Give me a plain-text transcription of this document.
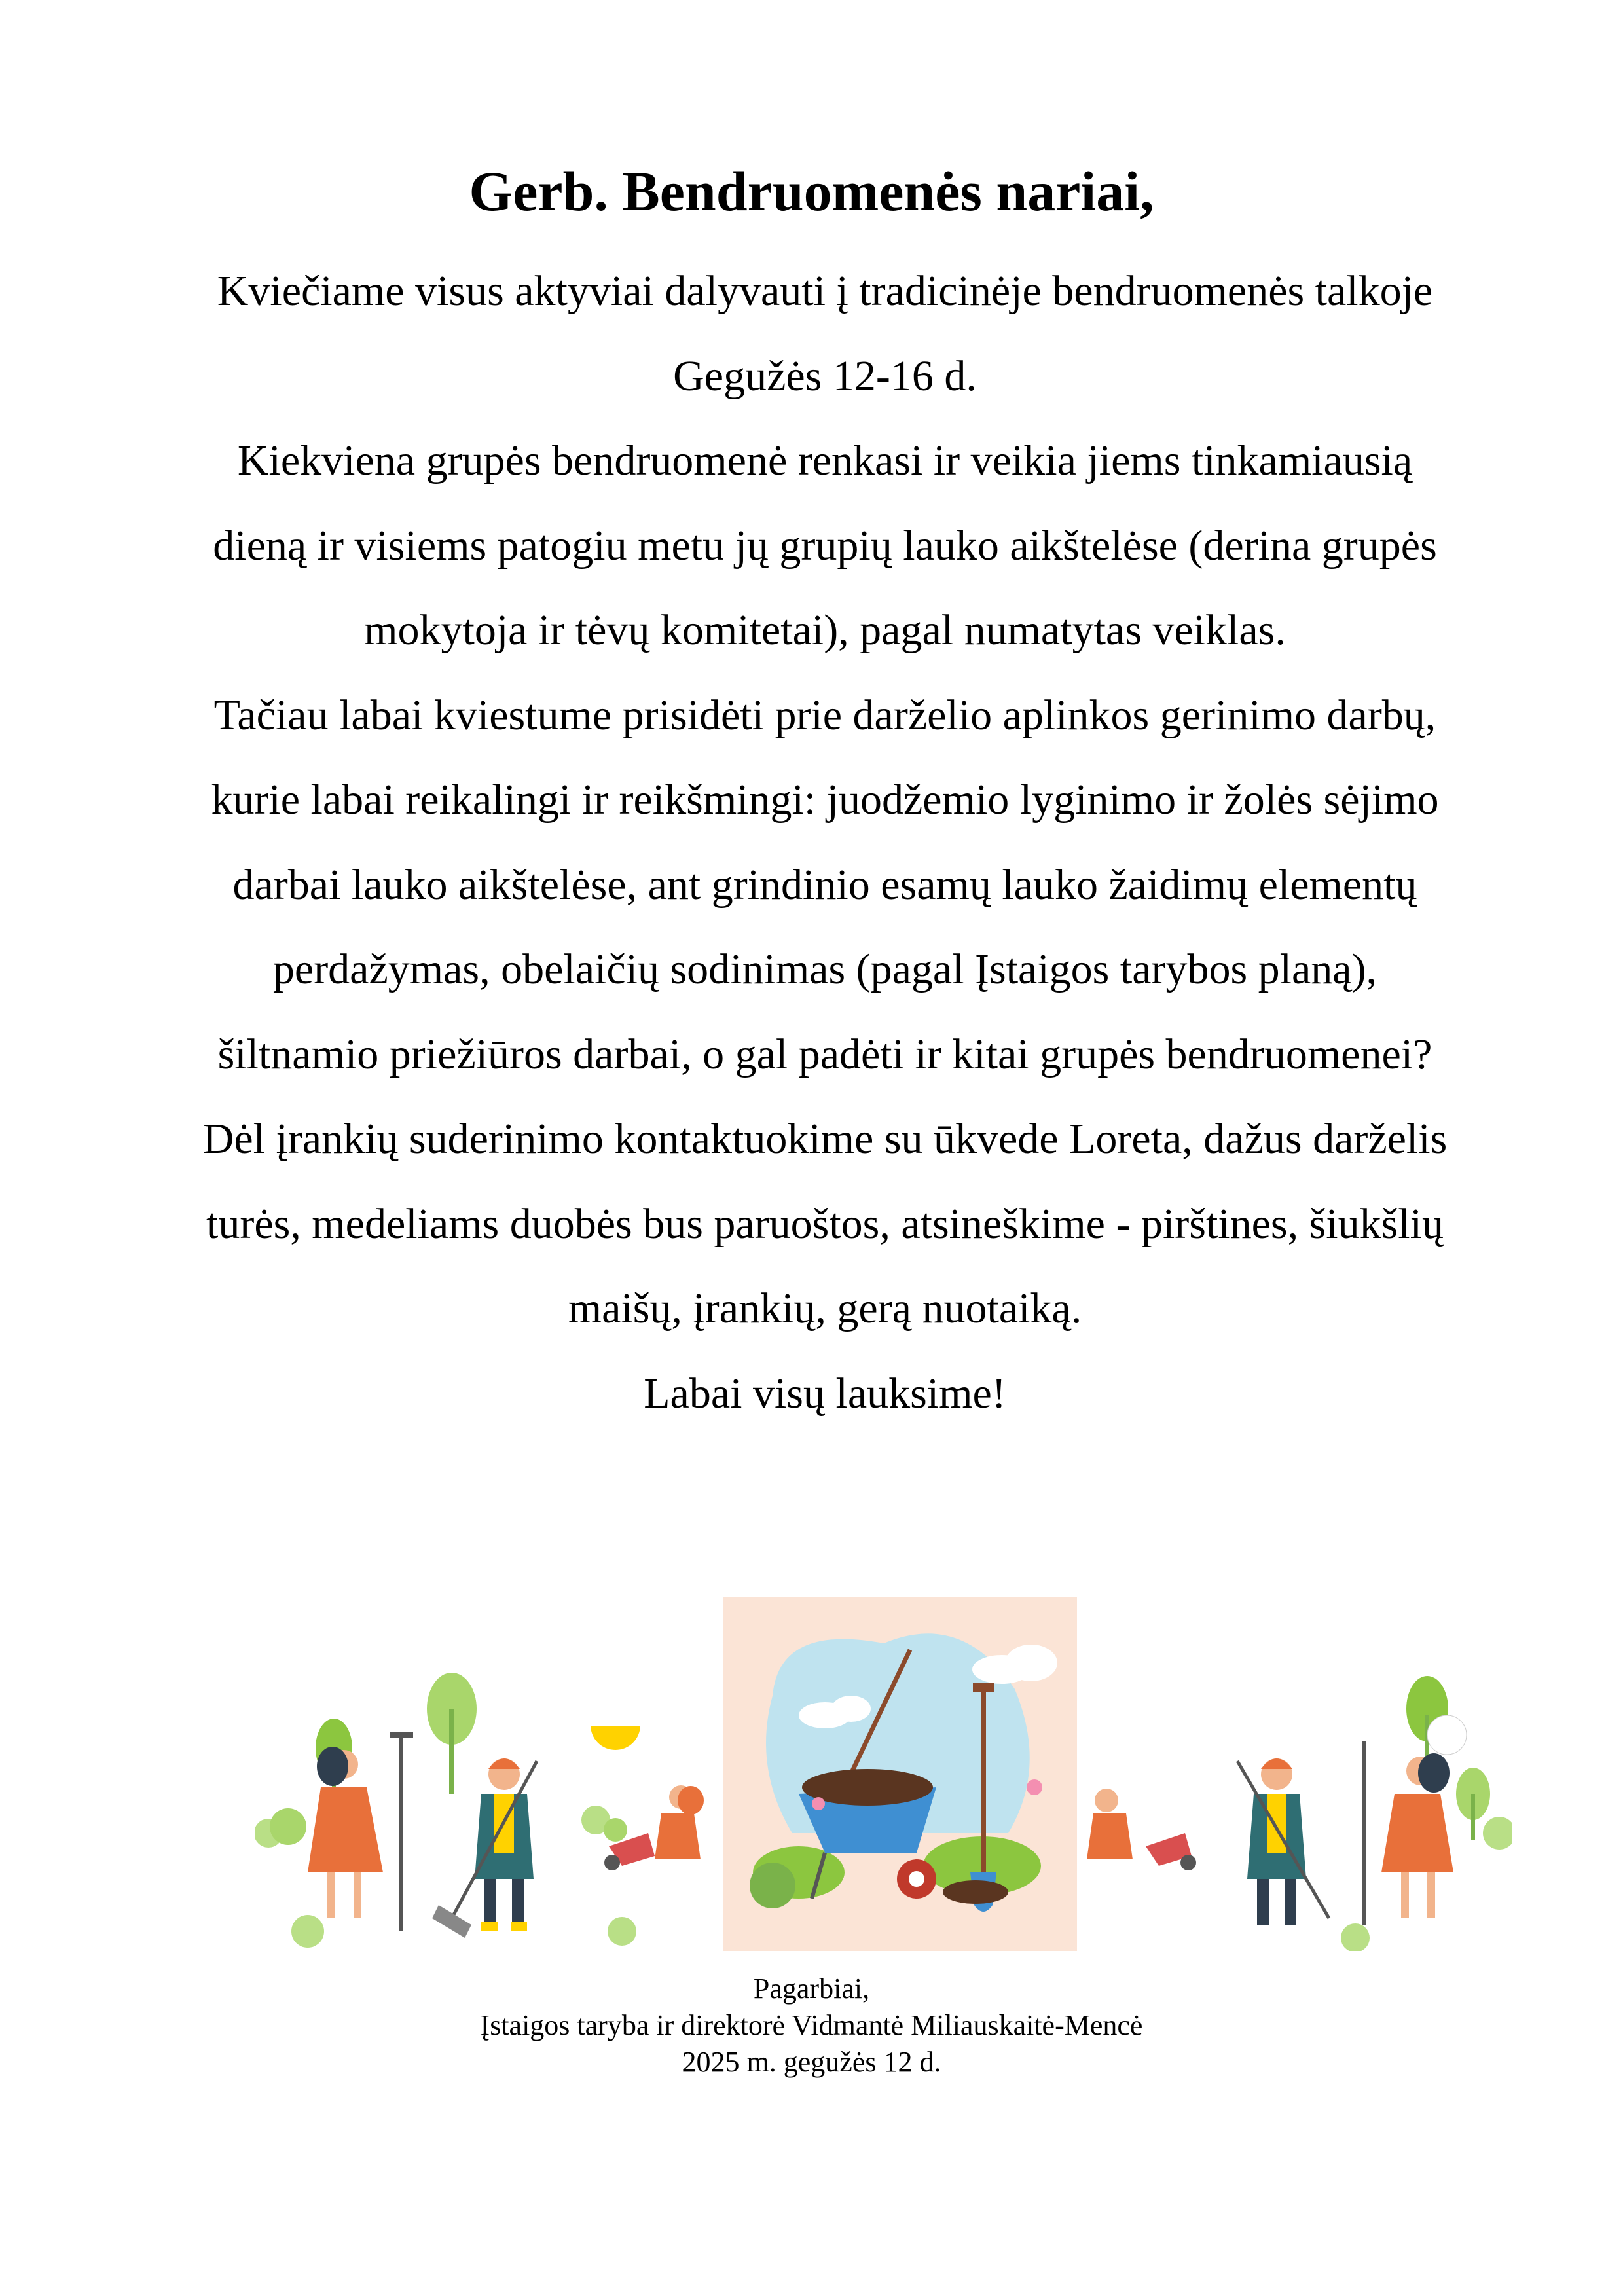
Gerb. Bendruomenės nariai,

Kviečiame visus aktyviai dalyvauti į tradicinėje bendruomenės talkoje Gegužės 12-16 d.

Kiekviena grupės bendruomenė renkasi ir veikia jiems tinkamiausią dieną ir visiems patogiu metu jų grupių lauko aikštelėse (derina grupės mokytoja ir tėvų komitetai), pagal numatytas veiklas.

Tačiau labai kviestume prisidėti prie darželio aplinkos gerinimo darbų, kurie labai reikalingi ir reikšmingi: juodžemio lyginimo ir žolės sėjimo darbai lauko aikštelėse, ant grindinio esamų lauko žaidimų elementų perdažymas, obelaičių sodinimas (pagal Įstaigos tarybos planą), šiltnamio priežiūros darbai, o gal padėti ir kitai grupės bendruomenei?

Dėl įrankių suderinimo kontaktuokime su ūkvede Loreta, dažus darželis turės, medeliams duobės bus paruoštos, atsineškime - pirštines, šiukšlių maišų, įrankių, gerą nuotaiką.

Labai visų lauksime!

Pagarbiai,

Įstaigos taryba ir direktorė Vidmantė Miliauskaitė-Mencė

2025 m. gegužės 12 d.
